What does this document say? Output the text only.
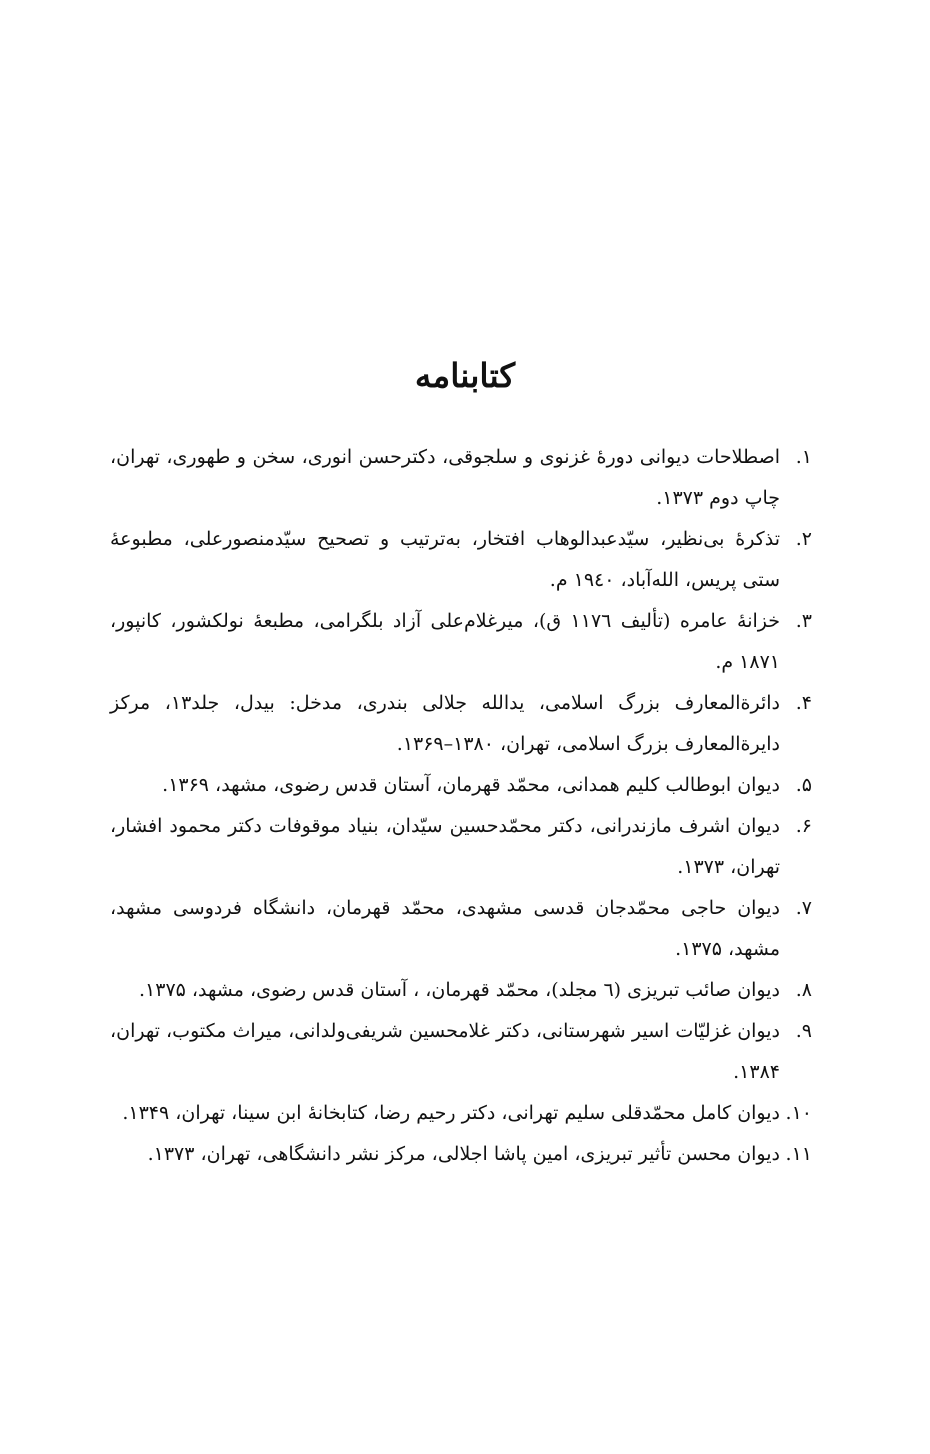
کتابنامه
۱.
اصطلاحات دیوانی دورهٔ غزنوی و سلجوقی، دکترحسن انوری، سخن و طهوری، تهران، چاپ دوم ۱۳۷۳.
۲.
تذکرهٔ بی‌نظیر، سیّدعبدالوهاب افتخار، به‌ترتیب و تصحیح سیّدمنصورعلی، مطبوعهٔ ستی پریس، الله‌آباد، ۱۹٤۰ م.
۳.
خزانهٔ عامره (تألیف ١١٧٦ ق)، میرغلام‌علی آزاد بلگرامی، مطبعهٔ نولکشور، کانپور، ۱۸۷۱ م.
۴.
دائرةالمعارف بزرگ اسلامی، یدالله جلالی بندری، مدخل: بیدل، جلد۱۳، مرکز دایرةالمعارف بزرگ اسلامی، تهران، ۱۳۸۰–۱۳۶۹.
۵.
دیوان ابوطالب کلیم همدانی، محمّد قهرمان، آستان قدس رضوی، مشهد، ۱۳۶۹.
۶.
دیوان اشرف مازندرانی، دکتر محمّدحسین سیّدان، بنیاد موقوفات دکتر محمود افشار، تهران، ۱۳۷۳.
۷.
دیوان حاجی محمّدجان قدسی مشهدی، محمّد قهرمان، دانشگاه فردوسی مشهد، مشهد، ۱۳۷۵.
۸.
دیوان صائب تبریزی (٦ مجلد)، محمّد قهرمان، ، آستان قدس رضوی، مشهد، ۱۳۷۵.
۹.
دیوان غزلیّات اسیر شهرستانی، دکتر غلامحسین شریفی‌ولدانی، میراث مکتوب، تهران، ۱۳۸۴.
۱۰.
دیوان کامل محمّدقلی سلیم تهرانی، دکتر رحیم رضا، کتابخانهٔ ابن سینا، تهران، ۱۳۴۹.
۱۱.
دیوان محسن تأثیر تبریزی، امین پاشا اجلالی، مرکز نشر دانشگاهی، تهران، ۱۳۷۳.
